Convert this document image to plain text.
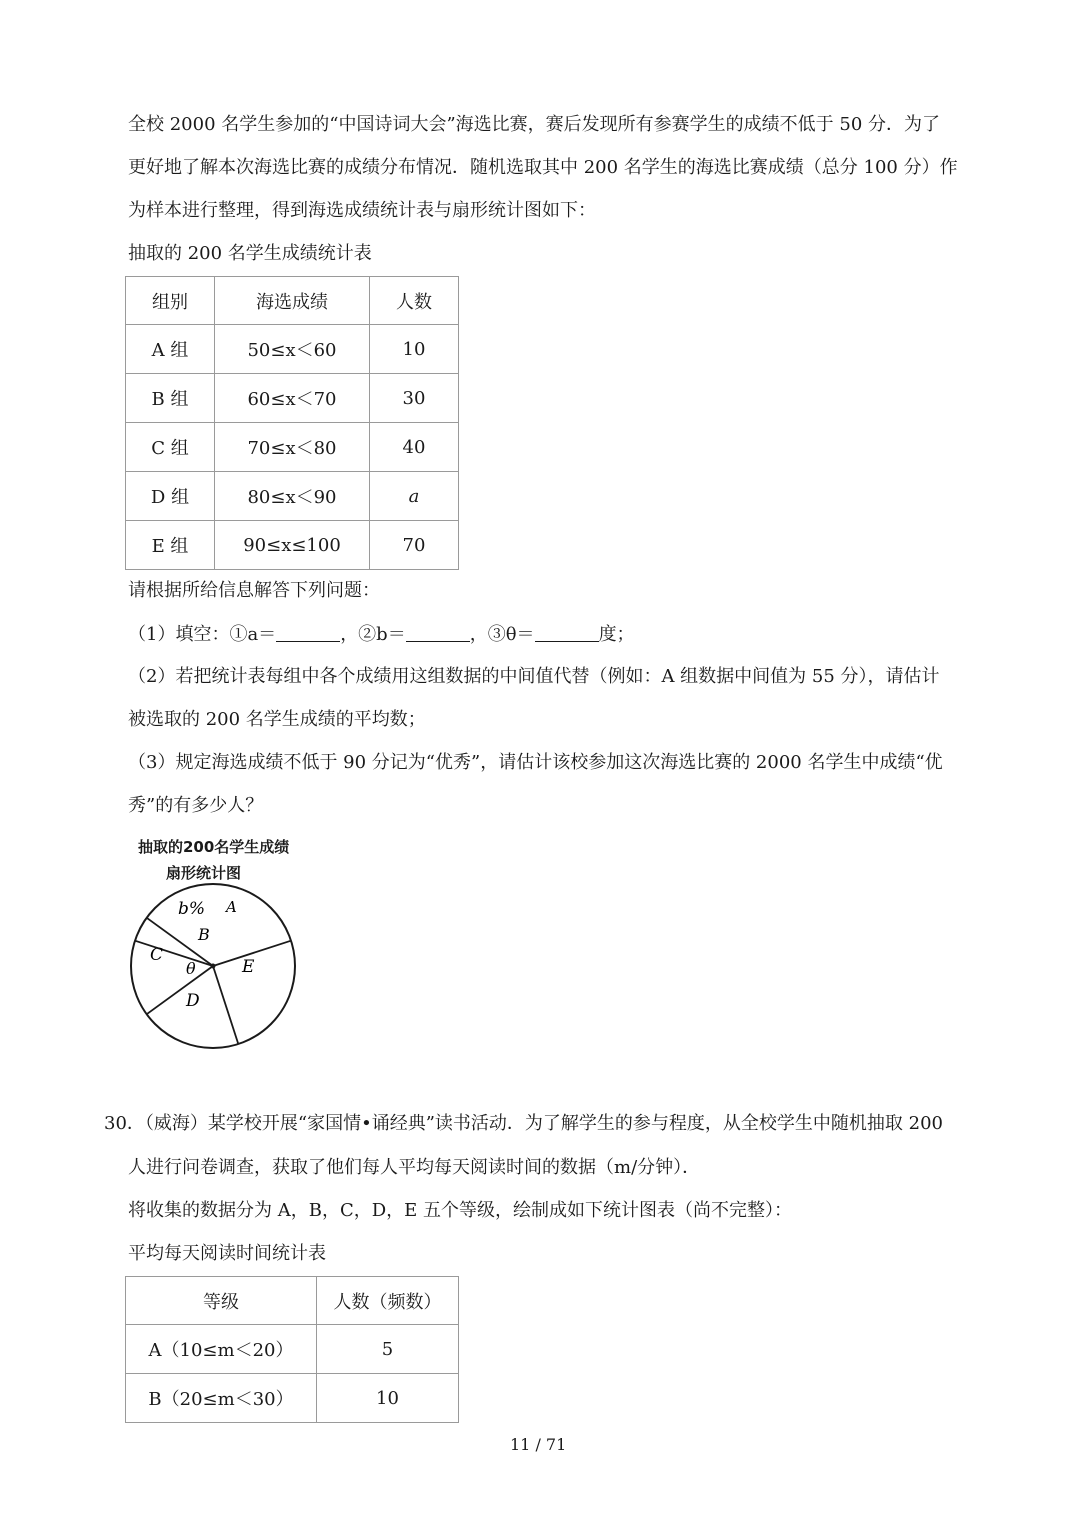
全校 2000 名学生参加的“中国诗词大会”海选比赛，赛后发现所有参赛学生的成绩不低于 50 分．为了
更好地了解本次海选比赛的成绩分布情况．随机选取其中 200 名学生的海选比赛成绩（总分 100 分）作
为样本进行整理，得到海选成绩统计表与扇形统计图如下：
抽取的 200 名学生成绩统计表
组别	海选成绩	人数
A 组	50≤x＜60	10
B 组	60≤x＜70	30
C 组	70≤x＜80	40
D 组	80≤x＜90	a
E 组	90≤x≤100	70
请根据所给信息解答下列问题：
（1）填空：①a＝	，②b＝	，③θ＝	度；
（2）若把统计表每组中各个成绩用这组数据的中间值代替（例如：A 组数据中间值为 55 分），请估计
被选取的 200 名学生成绩的平均数；
（3）规定海选成绩不低于 90 分记为“优秀”，请估计该校参加这次海选比赛的 2000 名学生中成绩“优
秀”的有多少人？
抽取的200名学生成绩
扇形统计图
b% A
B
C
θ
D
E
30．（威海）某学校开展“家国情•诵经典”读书活动．为了解学生的参与程度，从全校学生中随机抽取 200
人进行问卷调查，获取了他们每人平均每天阅读时间的数据（m/分钟）．
将收集的数据分为 A，B，C，D，E 五个等级，绘制成如下统计图表（尚不完整）：
平均每天阅读时间统计表
等级	人数（频数）
A（10≤m＜20）	5
B（20≤m＜30）	10
11 / 71
